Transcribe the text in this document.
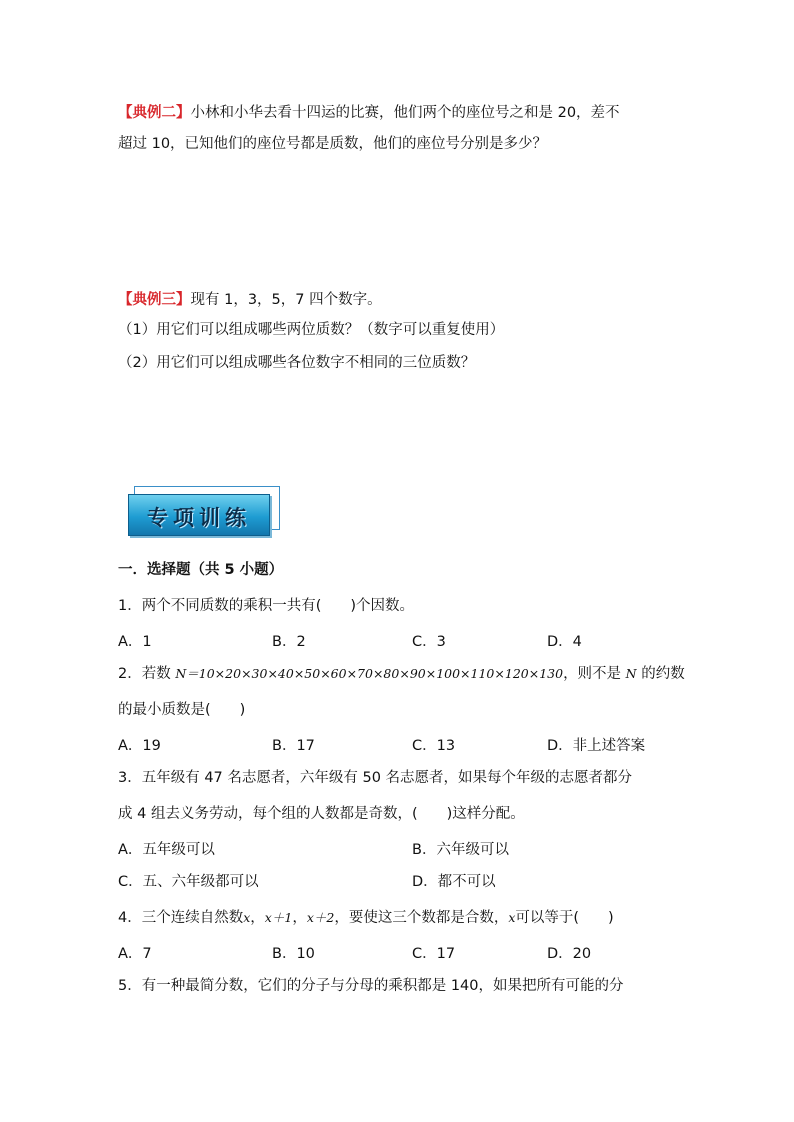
【典例二】小林和小华去看十四运的比赛，他们两个的座位号之和是 20，差不
超过 10，已知他们的座位号都是质数，他们的座位号分别是多少？
【典例三】现有 1，3，5，7 四个数字。
（1）用它们可以组成哪些两位质数？（数字可以重复使用）
（2）用它们可以组成哪些各位数字不相同的三位质数？
专项训练
一．选择题（共 5 小题）
1．两个不同质数的乘积一共有(　　)个因数。
A．1	B．2	C．3	D．4
2．若数 N＝10×20×30×40×50×60×70×80×90×100×110×120×130，则不是 N 的约数
的最小质数是(　　)
A．19	B．17	C．13	D．非上述答案
3．五年级有 47 名志愿者，六年级有 50 名志愿者，如果每个年级的志愿者都分
成 4 组去义务劳动，每个组的人数都是奇数，(　　)这样分配。
A．五年级可以	B．六年级可以
C．五、六年级都可以	D．都不可以
4．三个连续自然数x，x＋1，x＋2，要使这三个数都是合数，x可以等于(　　)
A．7	B．10	C．17	D．20
5．有一种最简分数，它们的分子与分母的乘积都是 140，如果把所有可能的分
